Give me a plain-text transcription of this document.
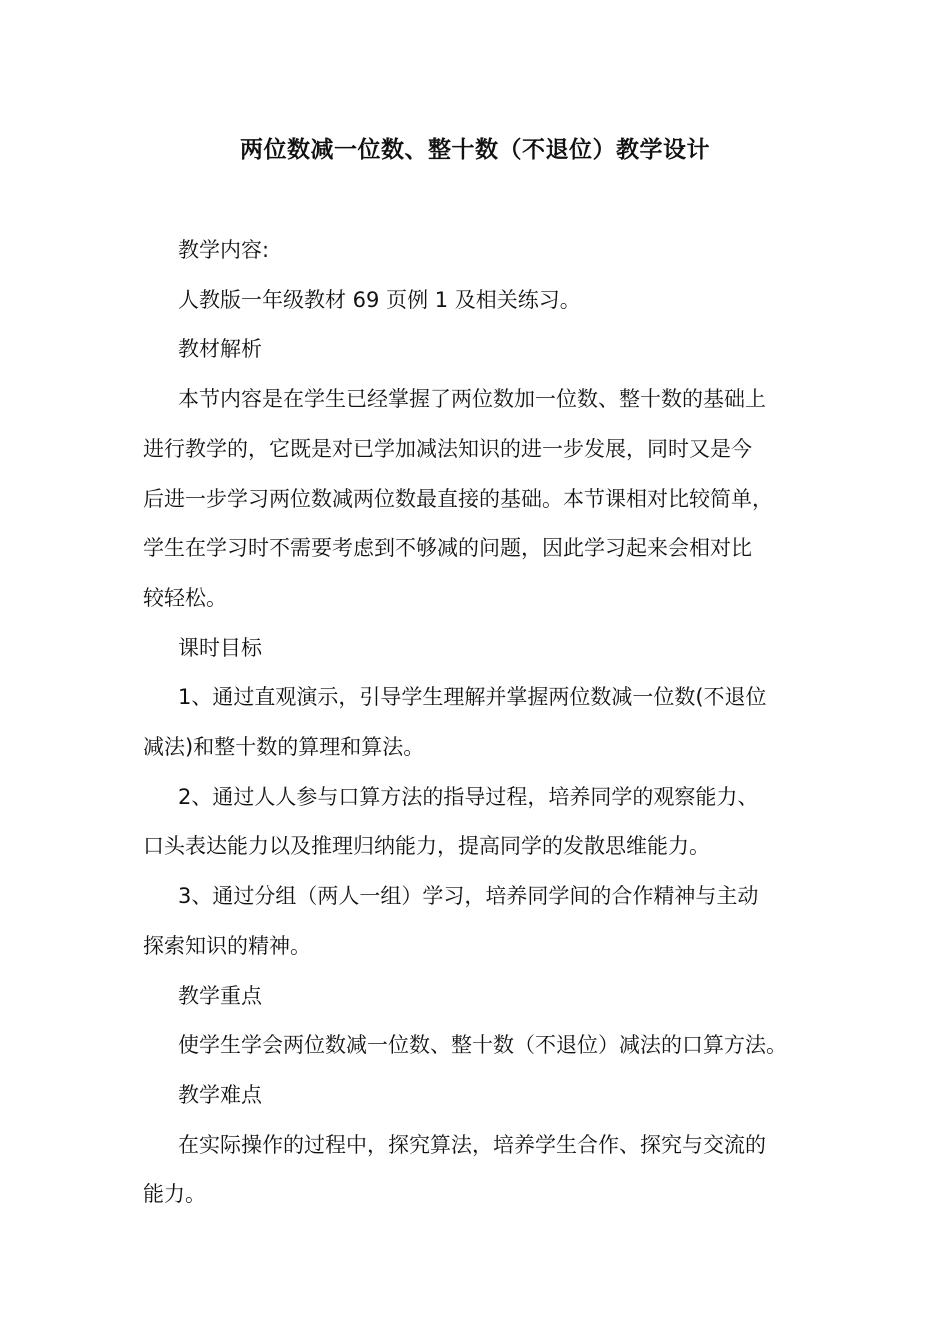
两位数减一位数、整十数（不退位）教学设计
教学内容:
人教版一年级教材 69 页例 1 及相关练习。
教材解析
本节内容是在学生已经掌握了两位数加一位数、整十数的基础上
进行教学的，它既是对已学加减法知识的进一步发展，同时又是今
后进一步学习两位数减两位数最直接的基础。本节课相对比较简单，
学生在学习时不需要考虑到不够减的问题，因此学习起来会相对比
较轻松。
课时目标
1、通过直观演示，引导学生理解并掌握两位数减一位数(不退位
减法)和整十数的算理和算法。
2、通过人人参与口算方法的指导过程，培养同学的观察能力、
口头表达能力以及推理归纳能力，提高同学的发散思维能力。
3、通过分组（两人一组）学习，培养同学间的合作精神与主动
探索知识的精神。
教学重点
使学生学会两位数减一位数、整十数（不退位）减法的口算方法。
教学难点
在实际操作的过程中，探究算法，培养学生合作、探究与交流的
能力。
